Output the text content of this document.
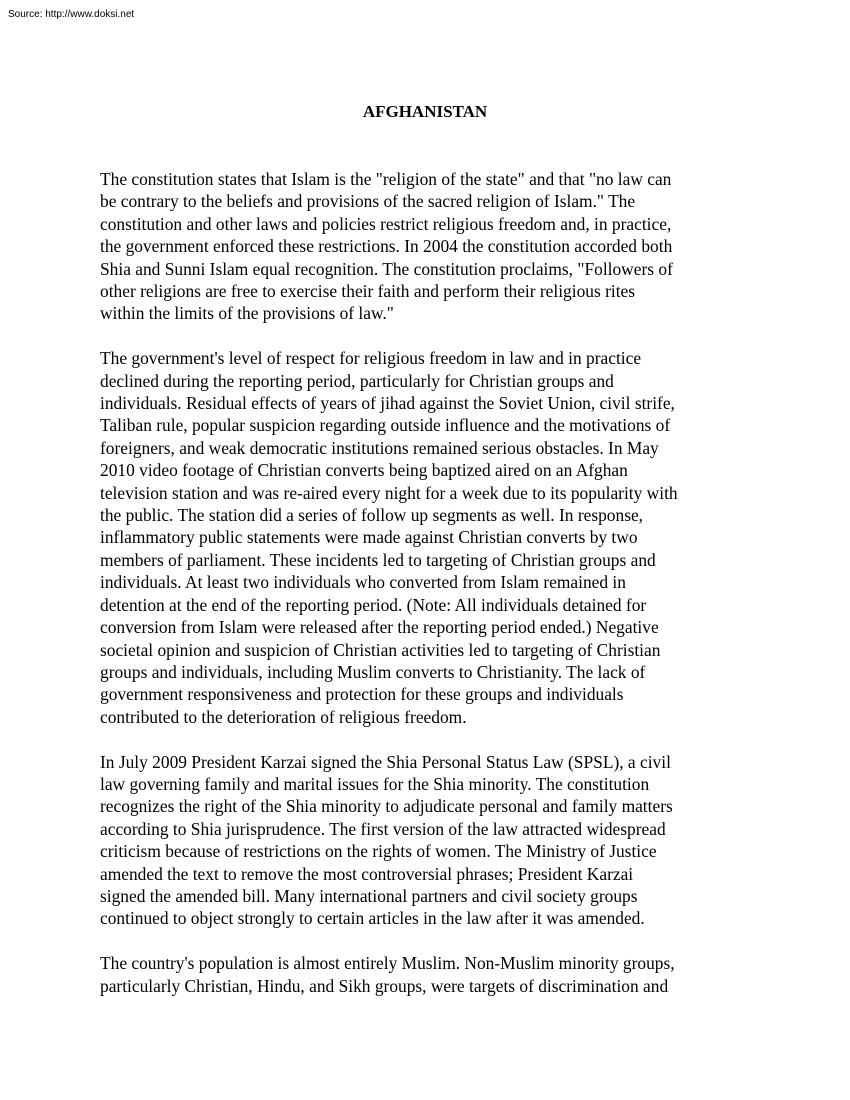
Source: http://www.doksi.net
AFGHANISTAN
The constitution states that Islam is the "religion of the state" and that "no law can
be contrary to the beliefs and provisions of the sacred religion of Islam." The
constitution and other laws and policies restrict religious freedom and, in practice,
the government enforced these restrictions. In 2004 the constitution accorded both
Shia and Sunni Islam equal recognition. The constitution proclaims, "Followers of
other religions are free to exercise their faith and perform their religious rites
within the limits of the provisions of law."
The government's level of respect for religious freedom in law and in practice
declined during the reporting period, particularly for Christian groups and
individuals. Residual effects of years of jihad against the Soviet Union, civil strife,
Taliban rule, popular suspicion regarding outside influence and the motivations of
foreigners, and weak democratic institutions remained serious obstacles. In May
2010 video footage of Christian converts being baptized aired on an Afghan
television station and was re-aired every night for a week due to its popularity with
the public. The station did a series of follow up segments as well. In response,
inflammatory public statements were made against Christian converts by two
members of parliament. These incidents led to targeting of Christian groups and
individuals. At least two individuals who converted from Islam remained in
detention at the end of the reporting period. (Note: All individuals detained for
conversion from Islam were released after the reporting period ended.) Negative
societal opinion and suspicion of Christian activities led to targeting of Christian
groups and individuals, including Muslim converts to Christianity. The lack of
government responsiveness and protection for these groups and individuals
contributed to the deterioration of religious freedom.
In July 2009 President Karzai signed the Shia Personal Status Law (SPSL), a civil
law governing family and marital issues for the Shia minority. The constitution
recognizes the right of the Shia minority to adjudicate personal and family matters
according to Shia jurisprudence. The first version of the law attracted widespread
criticism because of restrictions on the rights of women. The Ministry of Justice
amended the text to remove the most controversial phrases; President Karzai
signed the amended bill. Many international partners and civil society groups
continued to object strongly to certain articles in the law after it was amended.
The country's population is almost entirely Muslim. Non-Muslim minority groups,
particularly Christian, Hindu, and Sikh groups, were targets of discrimination and
